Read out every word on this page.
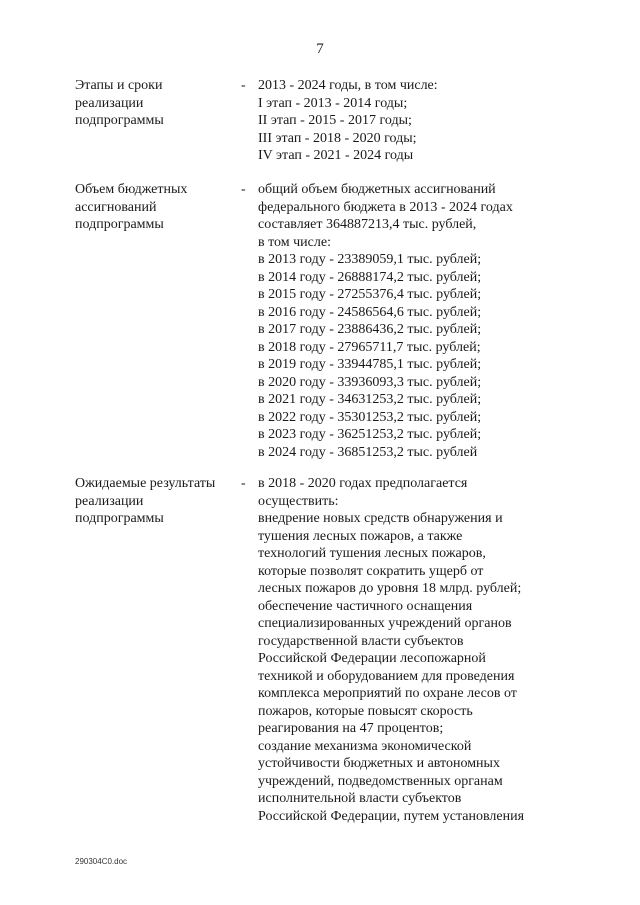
7
Этапы и сроки
реализации
подпрограммы
- 2013 - 2024 годы, в том числе:
I этап - 2013 - 2014 годы;
II этап - 2015 - 2017 годы;
III этап - 2018 - 2020 годы;
IV этап - 2021 - 2024 годы
Объем бюджетных
ассигнований
подпрограммы
- общий объем бюджетных ассигнований
федерального бюджета в 2013 - 2024 годах
составляет 364887213,4 тыс. рублей,
в том числе:
в 2013 году - 23389059,1 тыс. рублей;
в 2014 году - 26888174,2 тыс. рублей;
в 2015 году - 27255376,4 тыс. рублей;
в 2016 году - 24586564,6 тыс. рублей;
в 2017 году - 23886436,2 тыс. рублей;
в 2018 году - 27965711,7 тыс. рублей;
в 2019 году - 33944785,1 тыс. рублей;
в 2020 году - 33936093,3 тыс. рублей;
в 2021 году - 34631253,2 тыс. рублей;
в 2022 году - 35301253,2 тыс. рублей;
в 2023 году - 36251253,2 тыс. рублей;
в 2024 году - 36851253,2 тыс. рублей
Ожидаемые результаты
реализации
подпрограммы
- в 2018 - 2020 годах предполагается
осуществить:
внедрение новых средств обнаружения и
тушения лесных пожаров, а также
технологий тушения лесных пожаров,
которые позволят сократить ущерб от
лесных пожаров до уровня 18 млрд. рублей;
обеспечение частичного оснащения
специализированных учреждений органов
государственной власти субъектов
Российской Федерации лесопожарной
техникой и оборудованием для проведения
комплекса мероприятий по охране лесов от
пожаров, которые повысят скорость
реагирования на 47 процентов;
создание механизма экономической
устойчивости бюджетных и автономных
учреждений, подведомственных органам
исполнительной власти субъектов
Российской Федерации, путем установления
290304C0.doc
